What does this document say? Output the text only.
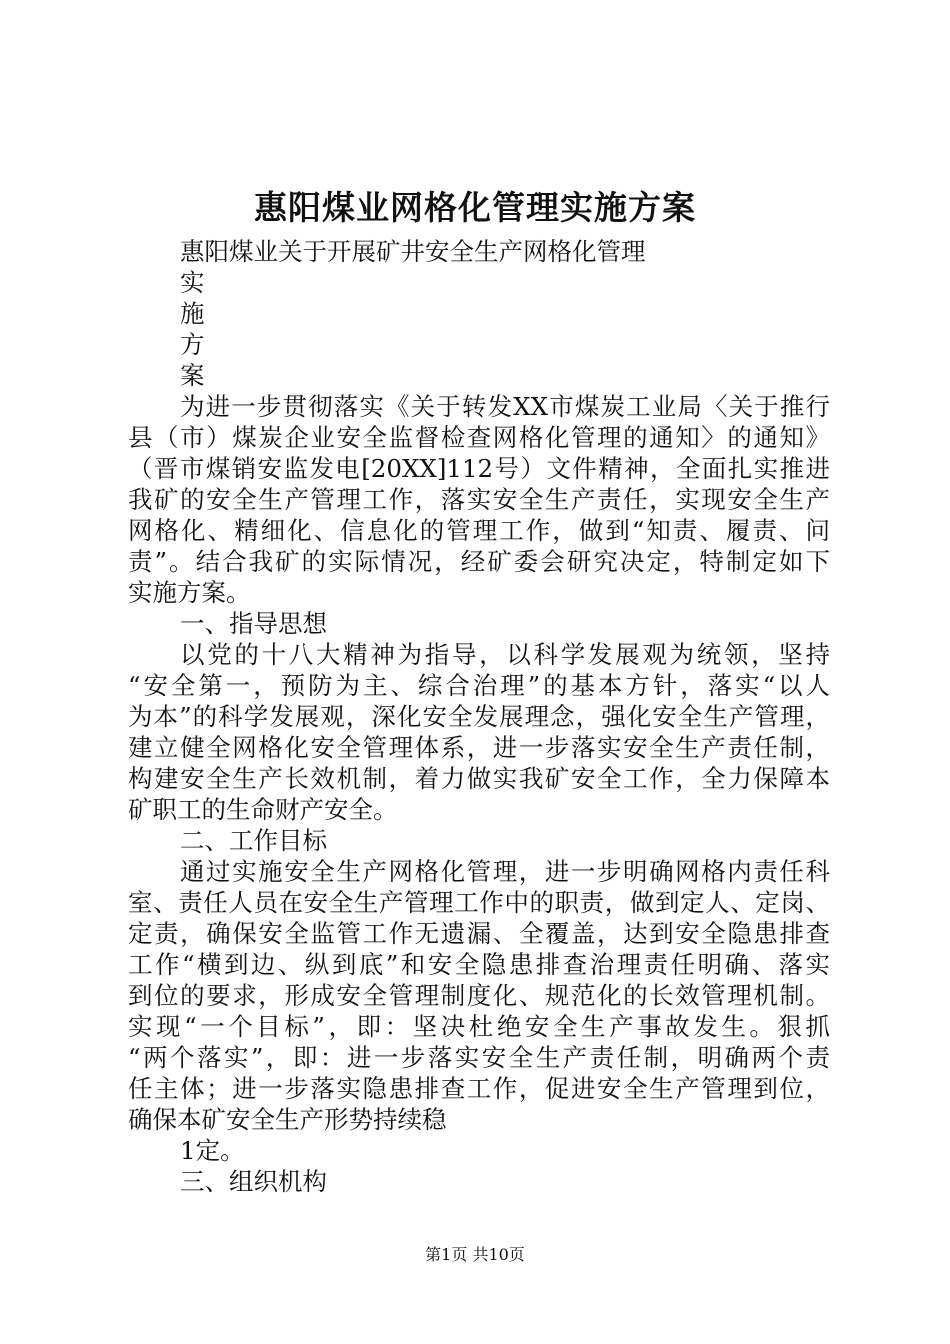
惠阳煤业网格化管理实施方案
惠阳煤业关于开展矿井安全生产网格化管理
实
施
方
案
为进一步贯彻落实《关于转发XX市煤炭工业局〈关于推行
县（市）煤炭企业安全监督检查网格化管理的通知〉的通知》
（晋市煤销安监发电[20XX]112号）文件精神，全面扎实推进
我矿的安全生产管理工作，落实安全生产责任，实现安全生产
网格化、精细化、信息化的管理工作，做到“知责、履责、问
责”。结合我矿的实际情况，经矿委会研究决定，特制定如下
实施方案。
一、指导思想
以党的十八大精神为指导，以科学发展观为统领，坚持
“安全第一，预防为主、综合治理”的基本方针，落实“以人
为本”的科学发展观，深化安全发展理念，强化安全生产管理，
建立健全网格化安全管理体系，进一步落实安全生产责任制，
构建安全生产长效机制，着力做实我矿安全工作，全力保障本
矿职工的生命财产安全。
二、工作目标
通过实施安全生产网格化管理，进一步明确网格内责任科
室、责任人员在安全生产管理工作中的职责，做到定人、定岗、
定责，确保安全监管工作无遗漏、全覆盖，达到安全隐患排查
工作“横到边、纵到底”和安全隐患排查治理责任明确、落实
到位的要求，形成安全管理制度化、规范化的长效管理机制。
实现“一个目标”，即：坚决杜绝安全生产事故发生。狠抓
“两个落实”，即：进一步落实安全生产责任制，明确两个责
任主体；进一步落实隐患排查工作，促进安全生产管理到位，
确保本矿安全生产形势持续稳
1定。
三、组织机构
第1页 共10页
